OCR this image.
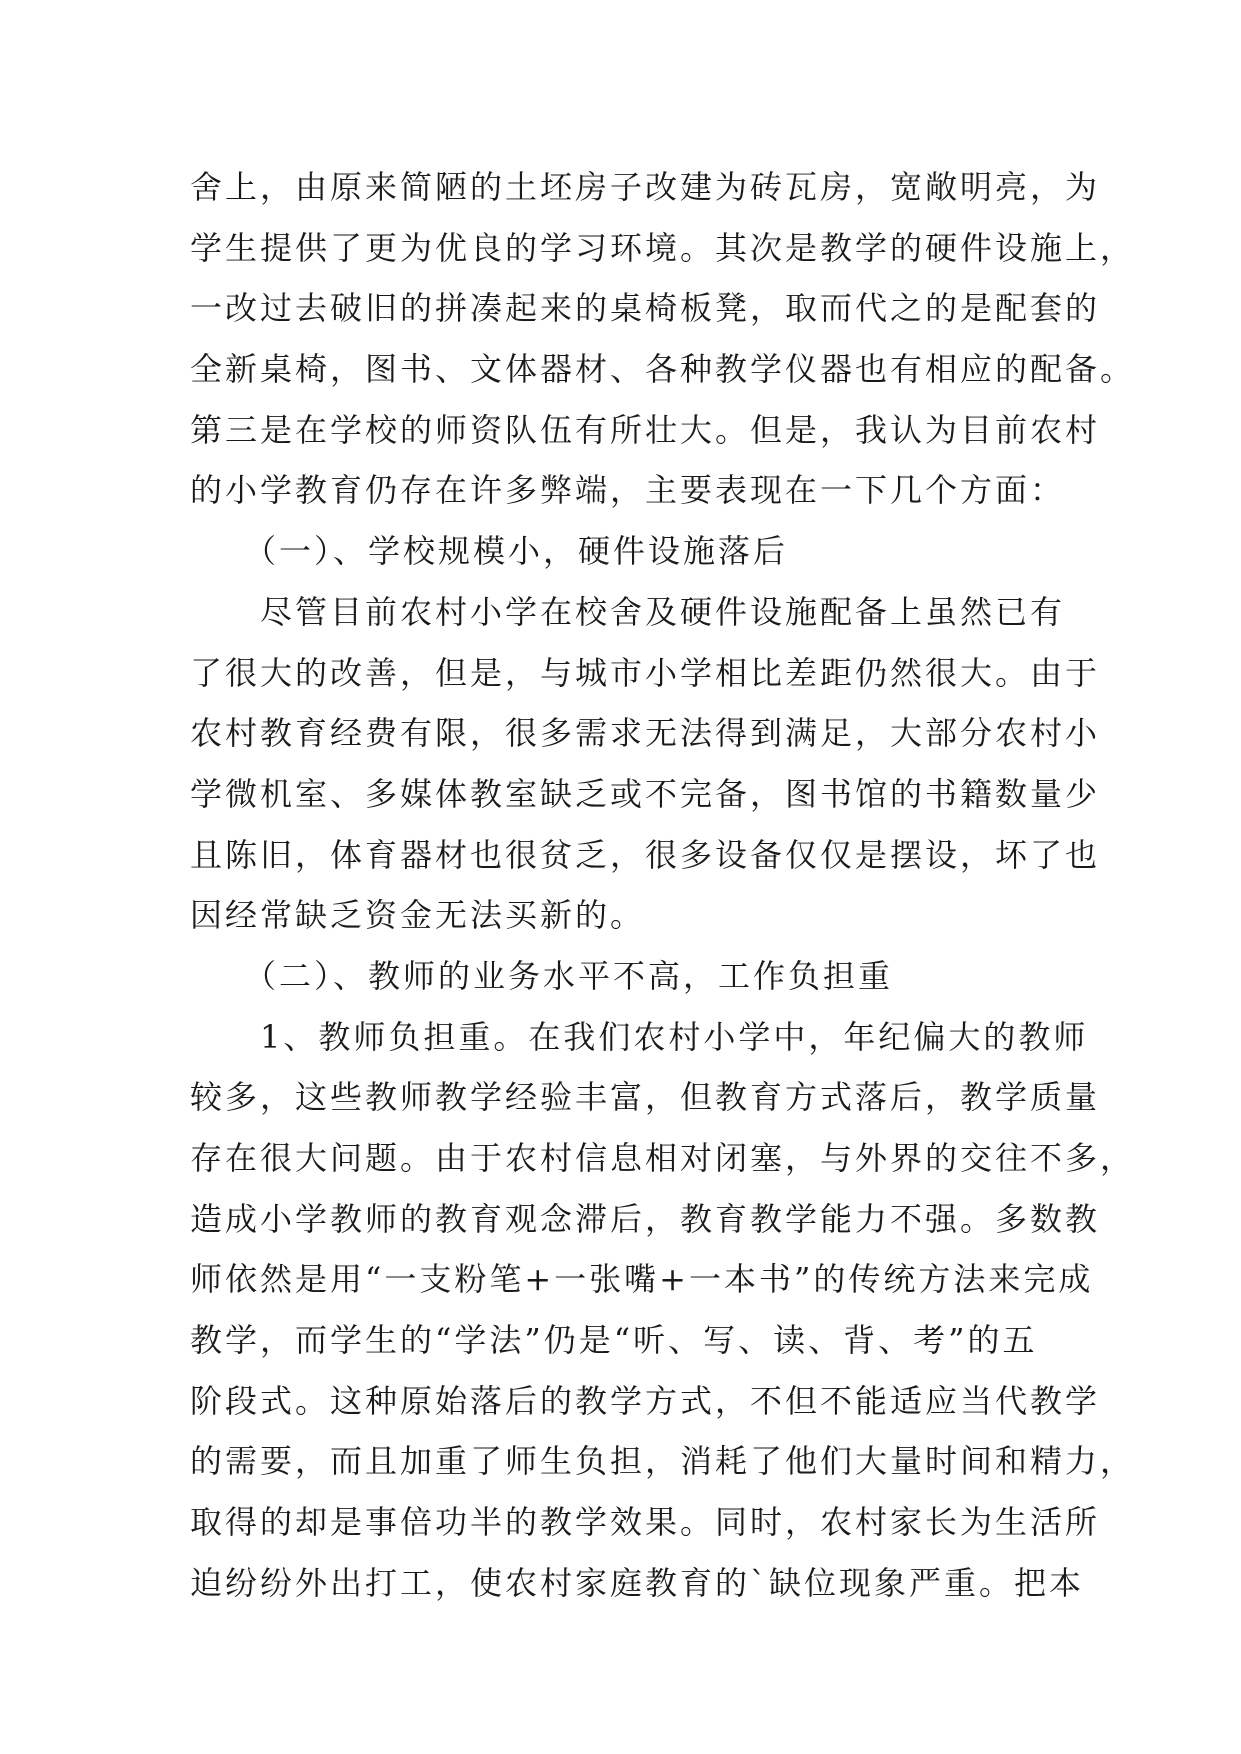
舍上，由原来简陋的土坯房子改建为砖瓦房，宽敞明亮，为
学生提供了更为优良的学习环境。其次是教学的硬件设施上，
一改过去破旧的拼凑起来的桌椅板凳，取而代之的是配套的
全新桌椅，图书、文体器材、各种教学仪器也有相应的配备。
第三是在学校的师资队伍有所壮大。但是，我认为目前农村
的小学教育仍存在许多弊端，主要表现在一下几个方面：
　　（一）、学校规模小，硬件设施落后
　　尽管目前农村小学在校舍及硬件设施配备上虽然已有
了很大的改善，但是，与城市小学相比差距仍然很大。由于
农村教育经费有限，很多需求无法得到满足，大部分农村小
学微机室、多媒体教室缺乏或不完备，图书馆的书籍数量少
且陈旧，体育器材也很贫乏，很多设备仅仅是摆设，坏了也
因经常缺乏资金无法买新的。
　　（二）、教师的业务水平不高，工作负担重
　　1、教师负担重。在我们农村小学中，年纪偏大的教师
较多，这些教师教学经验丰富，但教育方式落后，教学质量
存在很大问题。由于农村信息相对闭塞，与外界的交往不多，
造成小学教师的教育观念滞后，教育教学能力不强。多数教
师依然是用“一支粉笔+一张嘴+一本书”的传统方法来完成
教学，而学生的“学法”仍是“听、写、读、背、考”的五
阶段式。这种原始落后的教学方式，不但不能适应当代教学
的需要，而且加重了师生负担，消耗了他们大量时间和精力，
取得的却是事倍功半的教学效果。同时，农村家长为生活所
迫纷纷外出打工，使农村家庭教育的`缺位现象严重。把本
